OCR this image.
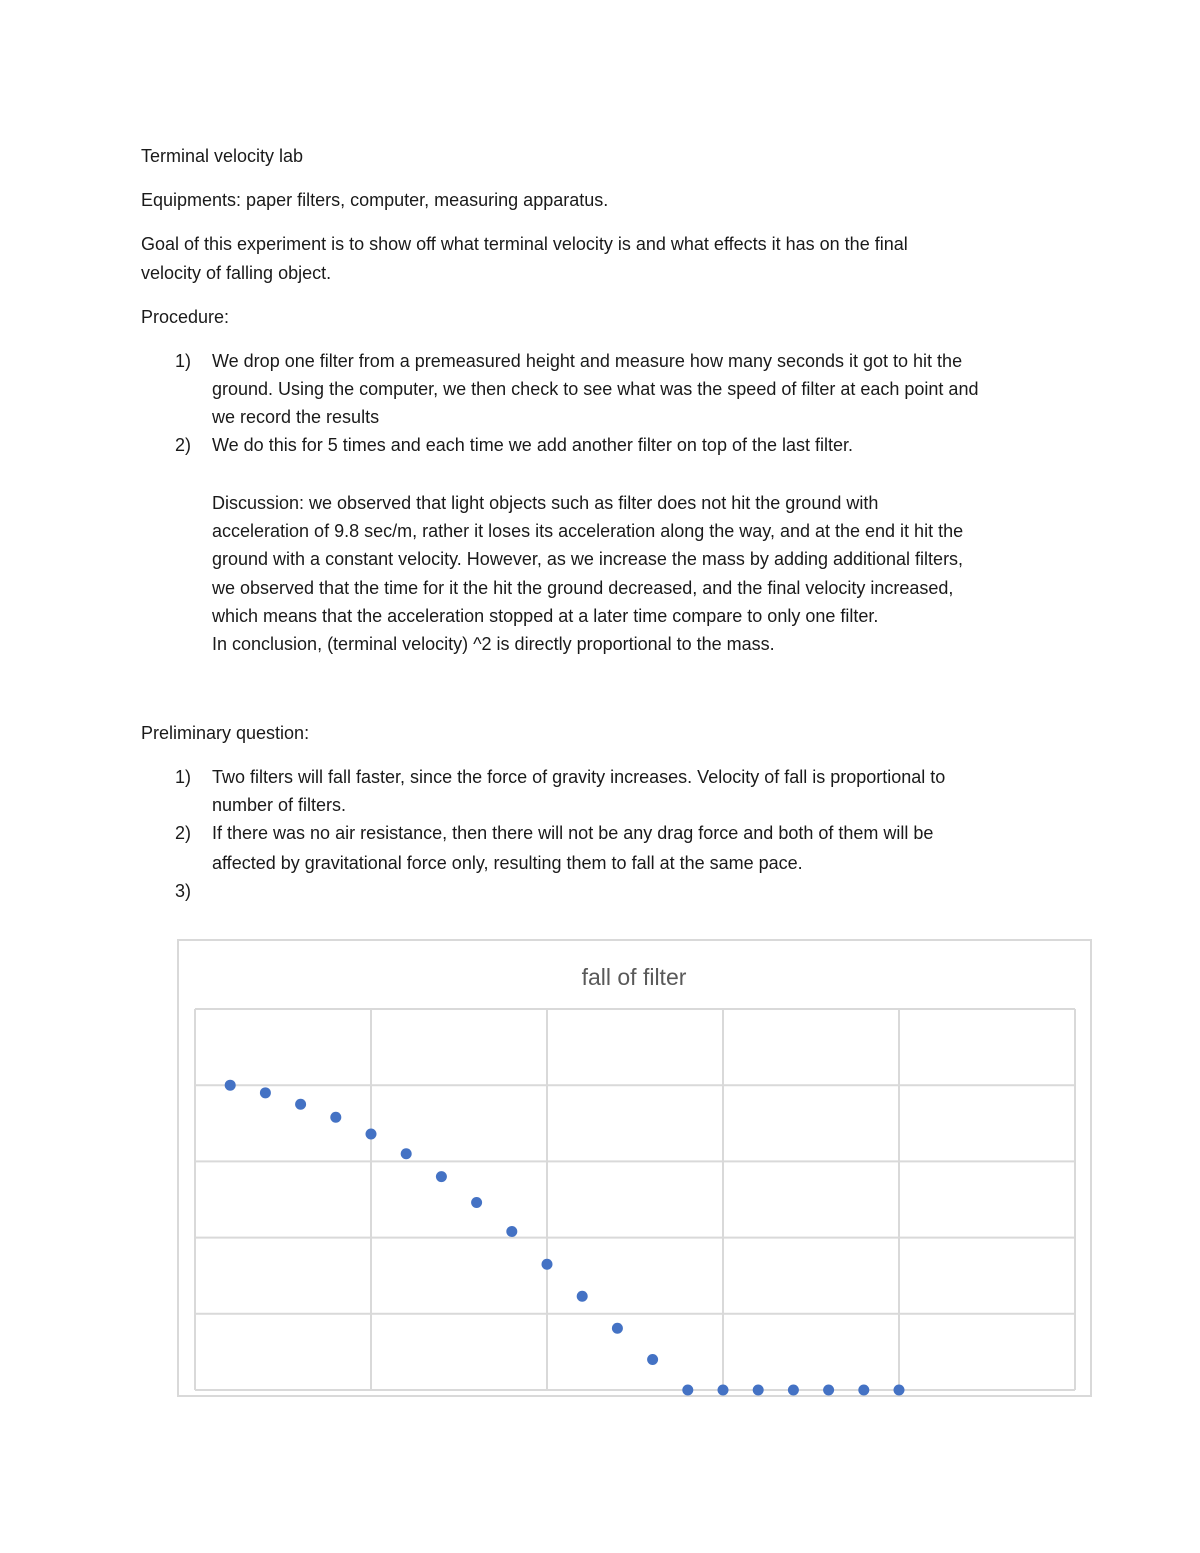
Terminal velocity lab
Equipments: paper filters, computer, measuring apparatus.
Goal of this experiment is to show off what terminal velocity is and what effects it has on the final
velocity of falling object.
Procedure:
1) We drop one filter from a premeasured height and measure how many seconds it got to hit the
ground. Using the computer, we then check to see what was the speed of filter at each point and
we record the results
2) We do this for 5 times and each time we add another filter on top of the last filter.
Discussion: we observed that light objects such as filter does not hit the ground with
acceleration of 9.8 sec/m, rather it loses its acceleration along the way, and at the end it hit the
ground with a constant velocity. However, as we increase the mass by adding additional filters,
we observed that the time for it the hit the ground decreased, and the final velocity increased,
which means that the acceleration stopped at a later time compare to only one filter.
In conclusion, (terminal velocity) ^2 is directly proportional to the mass.
Preliminary question:
1) Two filters will fall faster, since the force of gravity increases. Velocity of fall is proportional to
number of filters.
2) If there was no air resistance, then there will not be any drag force and both of them will be
affected by gravitational force only, resulting them to fall at the same pace.
3)
fall of filter
